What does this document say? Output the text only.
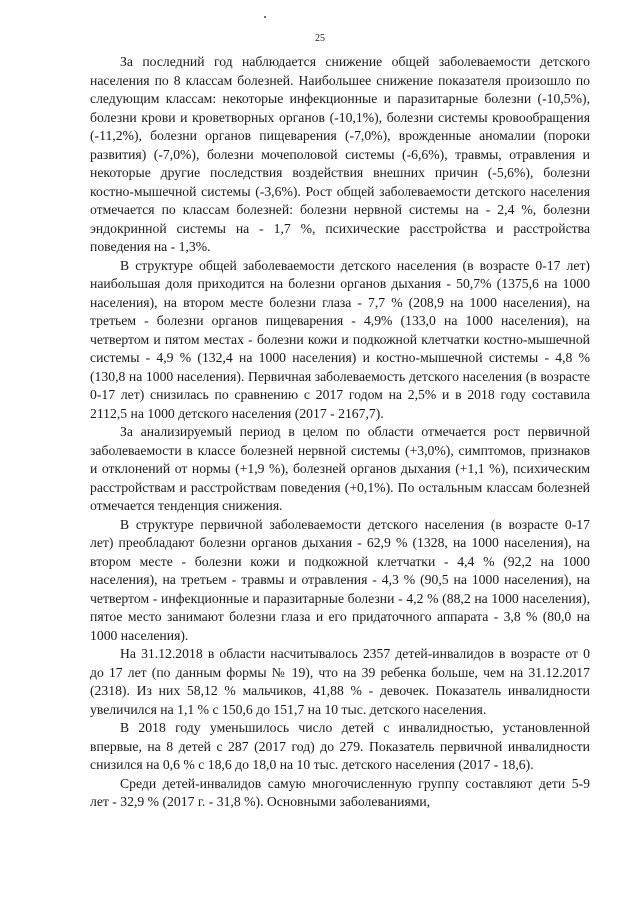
25

За последний год наблюдается снижение общей заболеваемости детского населения по 8 классам болезней. Наибольшее снижение показателя произошло по следующим классам: некоторые инфекционные и паразитарные болезни (-10,5%), болезни крови и кроветворных органов (-10,1%), болезни системы кровообращения (-11,2%), болезни органов пищеварения (-7,0%), врожденные аномалии (пороки развития) (-7,0%), болезни мочеполовой системы (-6,6%), травмы, отравления и некоторые другие последствия воздействия внешних причин (-5,6%), болезни костно-мышечной системы (-3,6%). Рост общей заболеваемости детского населения отмечается по классам болезней: болезни нервной системы на - 2,4 %, болезни эндокринной системы на - 1,7 %, психические расстройства и расстройства поведения на - 1,3%.

В структуре общей заболеваемости детского населения (в возрасте 0-17 лет) наибольшая доля приходится на болезни органов дыхания - 50,7% (1375,6 на 1000 населения), на втором месте болезни глаза - 7,7 % (208,9 на 1000 населения), на третьем - болезни органов пищеварения - 4,9% (133,0 на 1000 населения), на четвертом и пятом местах - болезни кожи и подкожной клетчатки костно-мышечной системы - 4,9 % (132,4 на 1000 населения) и костно-мышечной системы - 4,8 % (130,8 на 1000 населения). Первичная заболеваемость детского населения (в возрасте 0-17 лет) снизилась по сравнению с 2017 годом на 2,5% и в 2018 году составила 2112,5 на 1000 детского населения (2017 - 2167,7).

За анализируемый период в целом по области отмечается рост первичной заболеваемости в классе болезней нервной системы (+3,0%), симптомов, признаков и отклонений от нормы (+1,9 %), болезней органов дыхания (+1,1 %), психическим расстройствам и расстройствам поведения (+0,1%). По остальным классам болезней отмечается тенденция снижения.

В структуре первичной заболеваемости детского населения (в возрасте 0-17 лет) преобладают болезни органов дыхания - 62,9 % (1328, на 1000 населения), на втором месте - болезни кожи и подкожной клетчатки - 4,4 % (92,2 на 1000 населения), на третьем - травмы и отравления - 4,3 % (90,5 на 1000 населения), на четвертом - инфекционные и паразитарные болезни - 4,2 % (88,2 на 1000 населения), пятое место занимают болезни глаза и его придаточного аппарата - 3,8 % (80,0 на 1000 населения).

На 31.12.2018 в области насчитывалось 2357 детей-инвалидов в возрасте от 0 до 17 лет (по данным формы № 19), что на 39 ребенка больше, чем на 31.12.2017 (2318). Из них 58,12 % мальчиков, 41,88 % - девочек. Показатель инвалидности увеличился на 1,1 % с 150,6 до 151,7 на 10 тыс. детского населения.

В 2018 году уменьшилось число детей с инвалидностью, установленной впервые, на 8 детей с 287 (2017 год) до 279. Показатель первичной инвалидности снизился на 0,6 % с 18,6 до 18,0 на 10 тыс. детского населения (2017 - 18,6).

Среди детей-инвалидов самую многочисленную группу составляют дети 5-9 лет - 32,9 % (2017 г. - 31,8 %). Основными заболеваниями,
